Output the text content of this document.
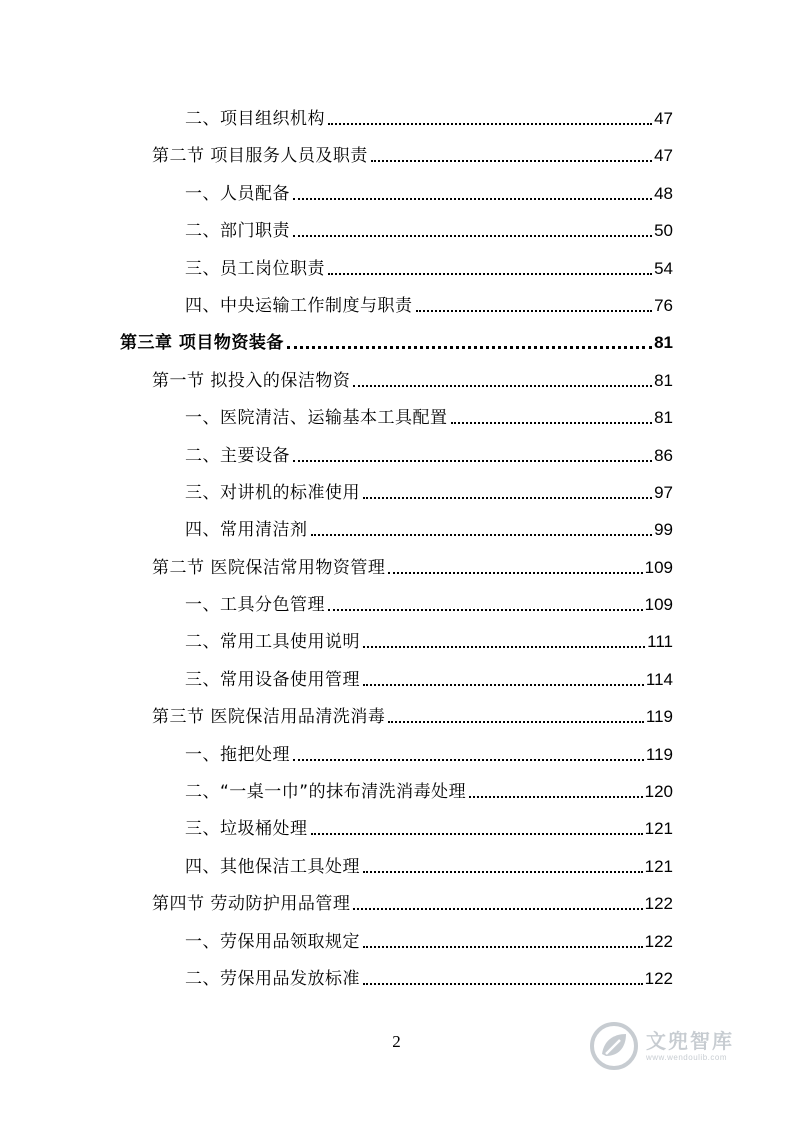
二、项目组织机构	47
第二节 项目服务人员及职责	47
一、人员配备	48
二、部门职责	50
三、员工岗位职责	54
四、中央运输工作制度与职责	76
第三章 项目物资装备	81
第一节 拟投入的保洁物资	81
一、医院清洁、运输基本工具配置	81
二、主要设备	86
三、对讲机的标准使用	97
四、常用清洁剂	99
第二节 医院保洁常用物资管理	109
一、工具分色管理	109
二、常用工具使用说明	111
三、常用设备使用管理	114
第三节 医院保洁用品清洗消毒	119
一、拖把处理	119
二、“一桌一巾”的抹布清洗消毒处理	120
三、垃圾桶处理	121
四、其他保洁工具处理	121
第四节 劳动防护用品管理	122
一、劳保用品领取规定	122
二、劳保用品发放标准	122
2	文兜智库
www.wendoulib.com
